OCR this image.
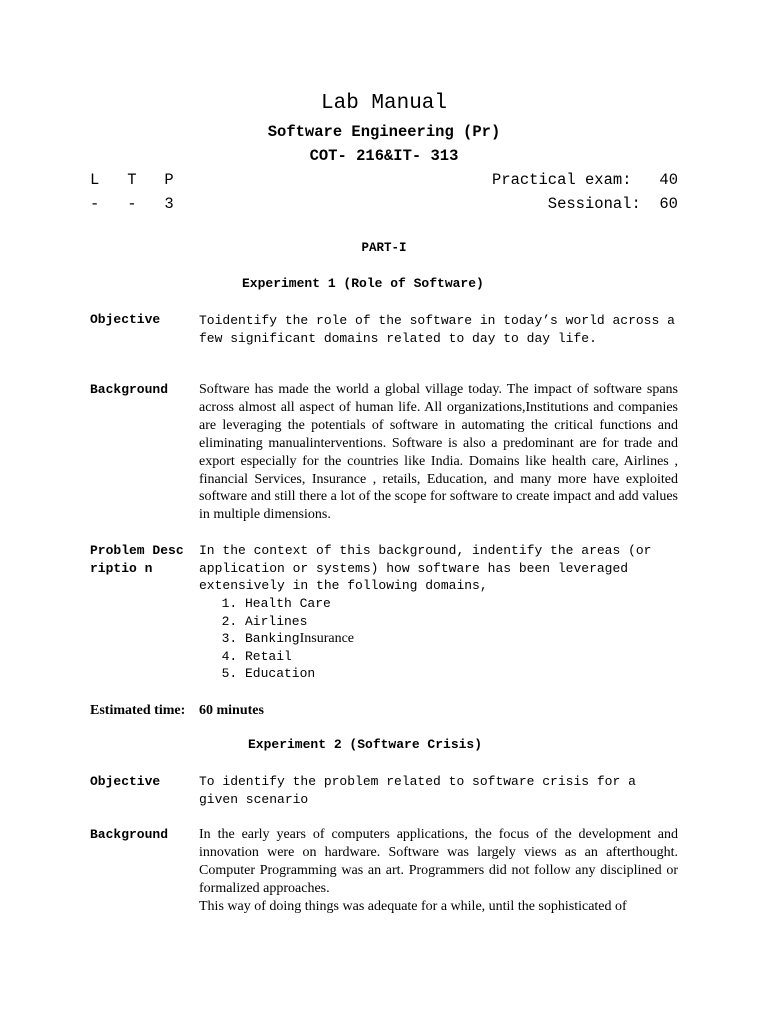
Lab Manual
Software Engineering (Pr)
COT- 216&IT- 313
L   T   P
-   -   3
Practical exam:   40
Sessional:  60
PART-I
Experiment 1 (Role of Software)
Objective	Toidentify the role of the software in today’s world across a few significant domains related to day to day life.
Background Software has made the world a global village today. The impact of software spans across almost all aspect of human life. All organizations,Institutions and companies are leveraging the potentials of software in automating the critical functions and eliminating manualinterventions. Software is also a predominant are for trade and export especially for the countries like India. Domains like health care, Airlines , financial Services, Insurance , retails, Education, and many more have exploited software and still there a lot of the scope for software to create impact and add values in multiple dimensions.
Problem Descriptio n
In the context of this background, indentify the areas (or application or systems) how software has been leveraged extensively in the following domains,
1. Health Care
2. Airlines
3. BankingInsurance
4. Retail
5. Education
Estimated time: 60 minutes
Experiment 2 (Software Crisis)
Objective	To identify the problem related to software crisis for a given scenario
Background In the early years of computers applications, the focus of the development and innovation were on hardware. Software was largely views as an afterthought. Computer Programming was an art. Programmers did not follow any disciplined or formalized approaches.

This way of doing things was adequate for a while, until the sophisticated of
